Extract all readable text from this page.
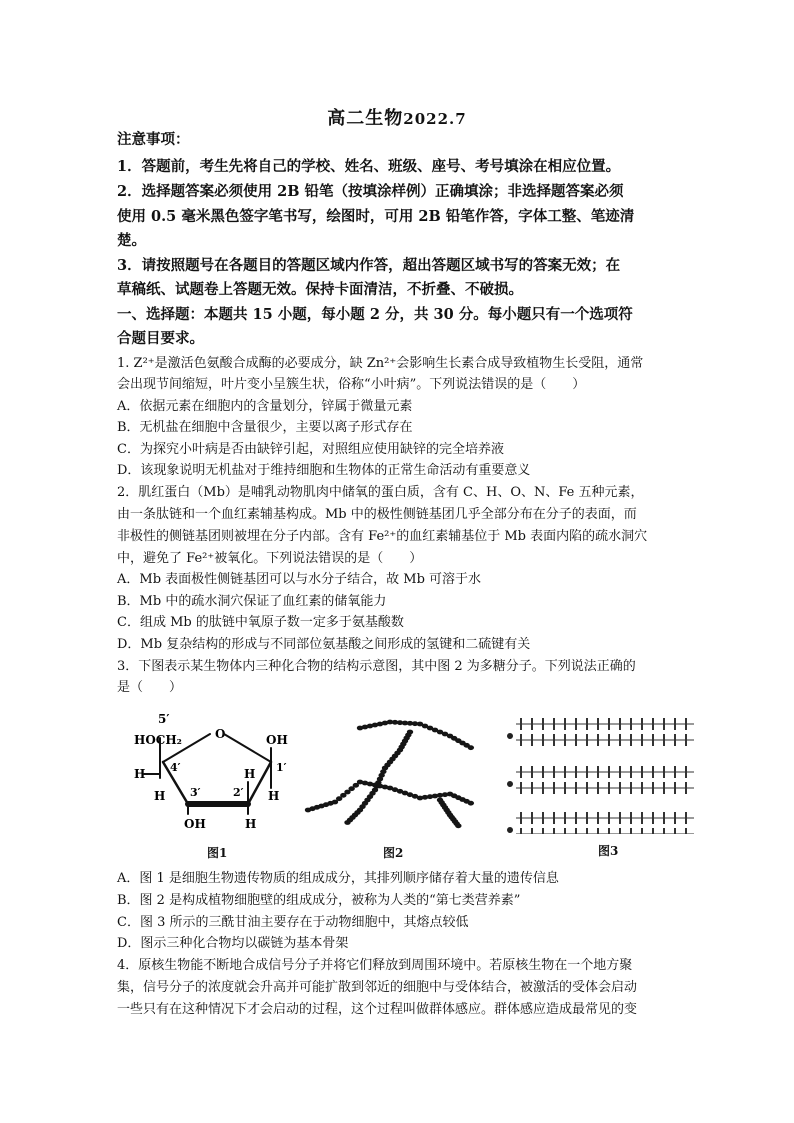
高二生物2022.7
注意事项：
1．答题前，考生先将自己的学校、姓名、班级、座号、考号填涂在相应位置。
2．选择题答案必须使用 2B 铅笔（按填涂样例）正确填涂；非选择题答案必须
使用 0.5 毫米黑色签字笔书写，绘图时，可用 2B 铅笔作答，字体工整、笔迹清
楚。
3．请按照题号在各题目的答题区域内作答，超出答题区域书写的答案无效；在
草稿纸、试题卷上答题无效。保持卡面清洁，不折叠、不破损。
一、选择题：本题共 15 小题，每小题 2 分，共 30 分。每小题只有一个选项符
合题目要求。
1. Z²⁺是激活色氨酸合成酶的必要成分，缺 Zn²⁺会影响生长素合成导致植物生长受阻，通常
会出现节间缩短，叶片变小呈簇生状，俗称“小叶病”。下列说法错误的是（　　）
A．依据元素在细胞内的含量划分，锌属于微量元素
B．无机盐在细胞中含量很少，主要以离子形式存在
C．为探究小叶病是否由缺锌引起，对照组应使用缺锌的完全培养液
D．该现象说明无机盐对于维持细胞和生物体的正常生命活动有重要意义
2．肌红蛋白（Mb）是哺乳动物肌肉中储氧的蛋白质，含有 C、H、O、N、Fe 五种元素，
由一条肽链和一个血红素辅基构成。Mb 中的极性侧链基团几乎全部分布在分子的表面，而
非极性的侧链基团则被埋在分子内部。含有 Fe²⁺的血红素辅基位于 Mb 表面内陷的疏水洞穴
中，避免了 Fe²⁺被氧化。下列说法错误的是（　　）
A．Mb 表面极性侧链基团可以与水分子结合，故 Mb 可溶于水
B．Mb 中的疏水洞穴保证了血红素的储氧能力
C．组成 Mb 的肽链中氧原子数一定多于氨基酸数
D．Mb 复杂结构的形成与不同部位氨基酸之间形成的氢键和二硫键有关
3．下图表示某生物体内三种化合物的结构示意图，其中图 2 为多糖分子。下列说法正确的
是（　　）
5′
O
HOCH₂	OH
4′	1′
H	H
3′	2′
H	H
OH	H
图1	图2	图3
A．图 1 是细胞生物遗传物质的组成成分，其排列顺序储存着大量的遗传信息
B．图 2 是构成植物细胞壁的组成成分，被称为人类的“第七类营养素”
C．图 3 所示的三酰甘油主要存在于动物细胞中，其熔点较低
D．图示三种化合物均以碳链为基本骨架
4．原核生物能不断地合成信号分子并将它们释放到周围环境中。若原核生物在一个地方聚
集，信号分子的浓度就会升高并可能扩散到邻近的细胞中与受体结合，被激活的受体会启动
一些只有在这种情况下才会启动的过程，这个过程叫做群体感应。群体感应造成最常见的变
